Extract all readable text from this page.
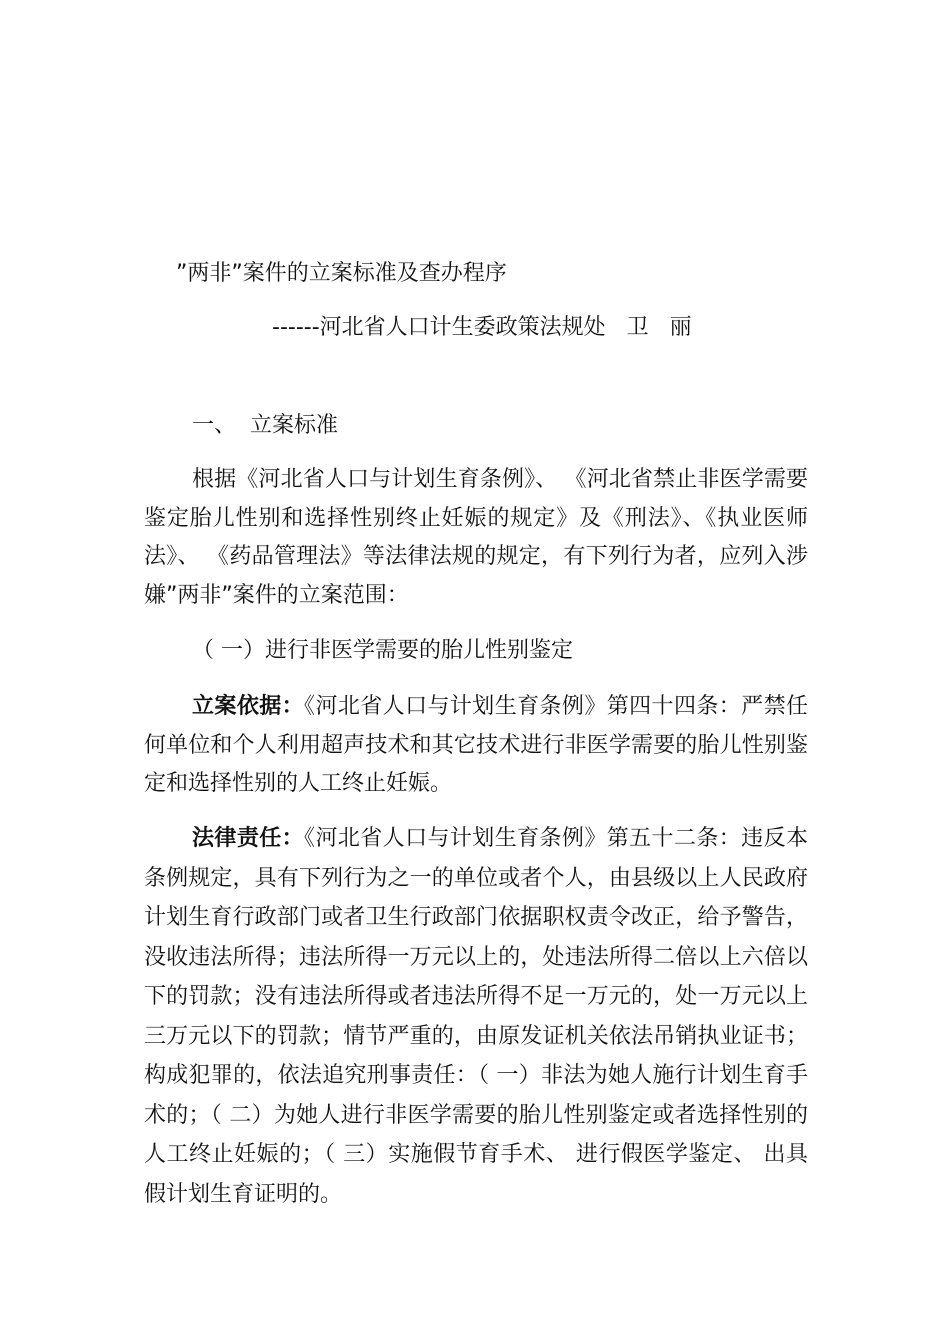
”两非”案件的立案标准及查办程序
------河北省人口计生委政策法规处   卫   丽
一、  立案标准

根据《河北省人口与计划生育条例》、 《河北省禁止非医学需要鉴定胎儿性别和选择性别终止妊娠的规定》及《刑法》、《执业医师法》、 《药品管理法》等法律法规的规定，有下列行为者，应列入涉嫌”两非”案件的立案范围：

（ 一）进行非医学需要的胎儿性别鉴定

立案依据：《河北省人口与计划生育条例》第四十四条：严禁任何单位和个人利用超声技术和其它技术进行非医学需要的胎儿性别鉴定和选择性别的人工终止妊娠。

法律责任：《河北省人口与计划生育条例》第五十二条：违反本条例规定，具有下列行为之一的单位或者个人，由县级以上人民政府计划生育行政部门或者卫生行政部门依据职权责令改正，给予警告，没收违法所得；违法所得一万元以上的，处违法所得二倍以上六倍以下的罚款；没有违法所得或者违法所得不足一万元的，处一万元以上三万元以下的罚款；情节严重的，由原发证机关依法吊销执业证书；构成犯罪的，依法追究刑事责任：（ 一）非法为她人施行计划生育手术的；（ 二）为她人进行非医学需要的胎儿性别鉴定或者选择性别的人工终止妊娠的；（ 三）实施假节育手术、 进行假医学鉴定、 出具假计划生育证明的。
